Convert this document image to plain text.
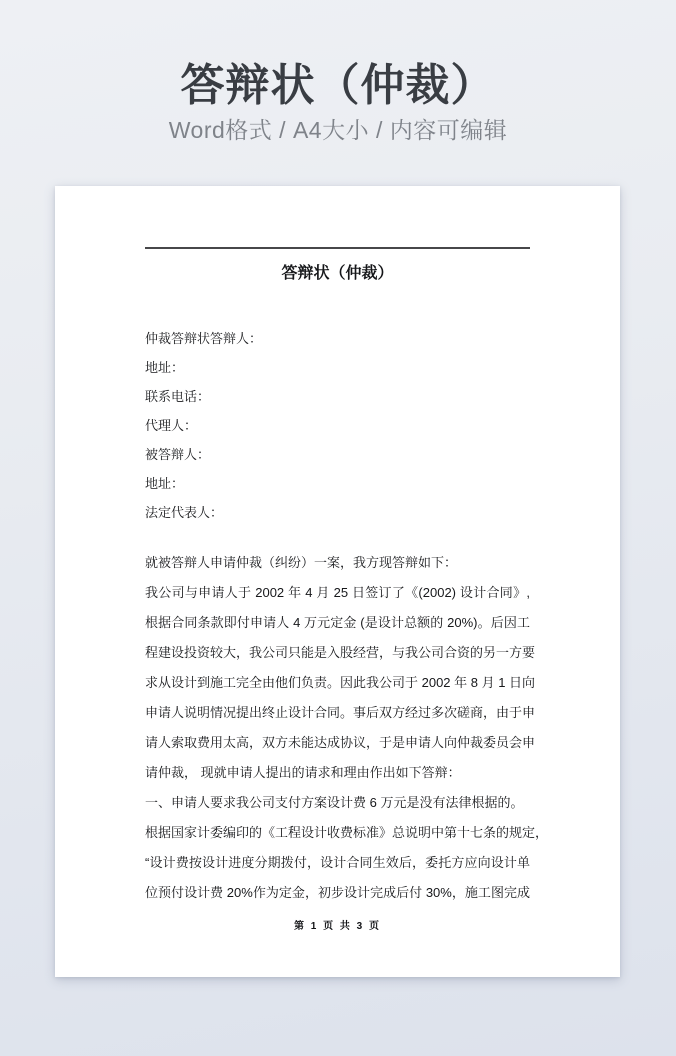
答辩状（仲裁）
Word格式 / A4大小 / 内容可编辑
答辩状（仲裁）
仲裁答辩状答辩人：
地址：
联系电话：
代理人：
被答辩人：
地址：
法定代表人：
就被答辩人申请仲裁（纠纷）一案，我方现答辩如下：
我公司与申请人于 2002 年 4 月 25 日签订了《(2002) 设计合同》,
根据合同条款即付申请人 4 万元定金 (是设计总额的 20%)。后因工
程建设投资较大，我公司只能是入股经营，与我公司合资的另一方要
求从设计到施工完全由他们负责。因此我公司于 2002 年 8 月 1 日向
申请人说明情况提出终止设计合同。事后双方经过多次磋商，由于申
请人索取费用太高，双方未能达成协议，于是申请人向仲裁委员会申
请仲裁， 现就申请人提出的请求和理由作出如下答辩：
一、申请人要求我公司支付方案设计费 6 万元是没有法律根据的。
根据国家计委编印的《工程设计收费标准》总说明中第十七条的规定，
“设计费按设计进度分期拨付，设计合同生效后，委托方应向设计单
位预付设计费 20%作为定金，初步设计完成后付 30%，施工图完成
第 1 页 共 3 页
